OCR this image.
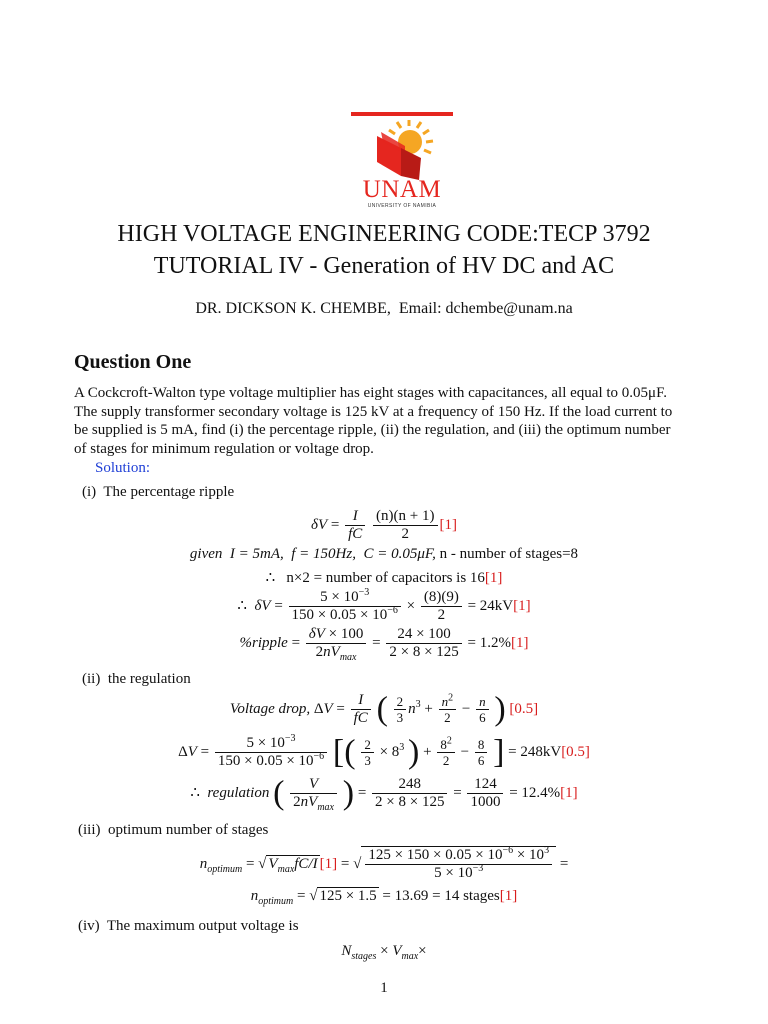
UNAM
UNIVERSITY OF NAMIBIA
HIGH VOLTAGE ENGINEERING CODE:TECP 3792
TUTORIAL IV - Generation of HV DC and AC
DR. DICKSON K. CHEMBE,  Email: dchembe@unam.na
Question One
A Cockcroft-Walton type voltage multiplier has eight stages with capacitances, all equal to 0.05μF.
The supply transformer secondary voltage is 125 kV at a frequency of 150 Hz. If the load current to
be supplied is 5 mA, find (i) the percentage ripple, (ii) the regulation, and (iii) the optimum number
of stages for minimum regulation or voltage drop.
Solution:
(i)  The percentage ripple
$\delta V = \frac{I}{fC}$
$\frac{(n)(n + 1)}{2} [1]$
given  I = 5mA,  f = 150Hz,  C = 0.05μF, n - number of stages=8
∴   n×2 = number of capacitors is 16[1]
∴  $\delta V = \frac{5 \times 10^{-3}}{150 \times 0.05 \times 10^{-6}} \times \frac{(8)(9)}{2} = 24kV[1]$
%ripple = $\frac{\delta V \times 100}{2nV_{max}} = \frac{24 \times 100}{2 \times 8 \times 125} = 1.2\%[1]$
(ii)  the regulation
Voltage drop, $\Delta V = \frac{I}{fC}$ ( $\frac{2}{3} n^3 + \frac{n^2}{2} - \frac{n}{6}$ ) [0.5]
$\Delta V = \frac{5 \times 10^{-3}}{150 \times 0.05 \times 10^{-6}}$ [( $\frac{2}{3} \times 8^3$ ) + $\frac{8^2}{2} - \frac{8}{6}$ ] = 248kV[0.5]
∴  regulation ( $\frac{V}{2nV_{max}}$ ) = $\frac{248}{2 \times 8 \times 125} = \frac{124}{1000} = 12.4\%[1]$
(iii)  optimum number of stages
$n_{optimum}$ = √ $V_{max}fC/I$ [1] = √ $\frac{125 \times 150 \times 0.05 \times 10^{-6} \times 10^3}{5 \times 10^{-3}}$ =
$n_{optimum}$ = √ 125 × 1.5 = 13.69 = 14 stages[1]
(iv)  The maximum output voltage is
$N_{stages} \times V_{max}\times$
1
